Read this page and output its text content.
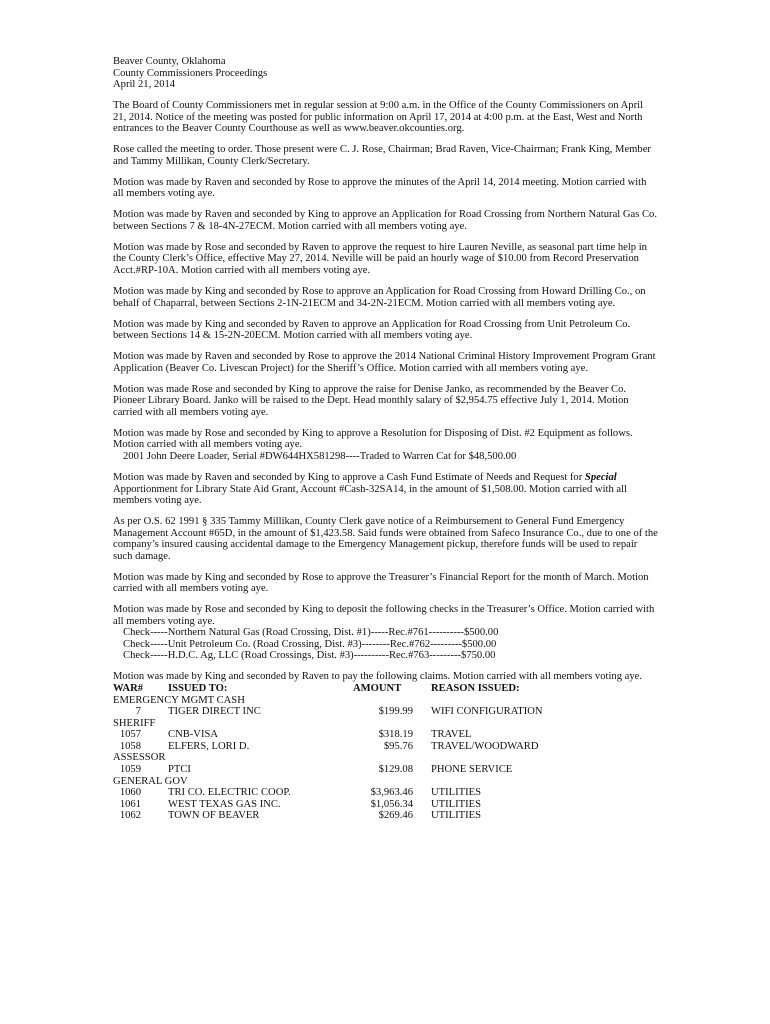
Beaver County, Oklahoma
County Commissioners Proceedings
April 21, 2014

The Board of County Commissioners met in regular session at 9:00 a.m. in the Office of the County Commissioners on April 21, 2014. Notice of the meeting was posted for public information on April 17, 2014 at 4:00 p.m. at the East, West and North entrances to the Beaver County Courthouse as well as www.beaver.okcounties.org.

Rose called the meeting to order. Those present were C. J. Rose, Chairman; Brad Raven, Vice-Chairman; Frank King, Member and Tammy Millikan, County Clerk/Secretary.

Motion was made by Raven and seconded by Rose to approve the minutes of the April 14, 2014 meeting. Motion carried with all members voting aye.

Motion was made by Raven and seconded by King to approve an Application for Road Crossing from Northern Natural Gas Co. between Sections 7 & 18-4N-27ECM. Motion carried with all members voting aye.

Motion was made by Rose and seconded by Raven to approve the request to hire Lauren Neville, as seasonal part time help in the County Clerk’s Office, effective May 27, 2014. Neville will be paid an hourly wage of $10.00 from Record Preservation Acct.#RP-10A. Motion carried with all members voting aye.

Motion was made by King and seconded by Rose to approve an Application for Road Crossing from Howard Drilling Co., on behalf of Chaparral, between Sections 2-1N-21ECM and 34-2N-21ECM. Motion carried with all members voting aye.

Motion was made by King and seconded by Raven to approve an Application for Road Crossing from Unit Petroleum Co. between Sections 14 & 15-2N-20ECM. Motion carried with all members voting aye.

Motion was made by Raven and seconded by Rose to approve the 2014 National Criminal History Improvement Program Grant Application (Beaver Co. Livescan Project) for the Sheriff’s Office. Motion carried with all members voting aye.

Motion was made Rose and seconded by King to approve the raise for Denise Janko, as recommended by the Beaver Co. Pioneer Library Board. Janko will be raised to the Dept. Head monthly salary of $2,954.75 effective July 1, 2014. Motion carried with all members voting aye.

Motion was made by Rose and seconded by King to approve a Resolution for Disposing of Dist. #2 Equipment as follows. Motion carried with all members voting aye.
2001 John Deere Loader, Serial #DW644HX581298----Traded to Warren Cat for $48,500.00

Motion was made by Raven and seconded by King to approve a Cash Fund Estimate of Needs and Request for Special Apportionment for Library State Aid Grant, Account #Cash-32SA14, in the amount of $1,508.00. Motion carried with all members voting aye.

As per O.S. 62 1991 § 335 Tammy Millikan, County Clerk gave notice of a Reimbursement to General Fund Emergency Management Account #65D, in the amount of $1,423.58. Said funds were obtained from Safeco Insurance Co., due to one of the company’s insured causing accidental damage to the Emergency Management pickup, therefore funds will be used to repair such damage.

Motion was made by King and seconded by Rose to approve the Treasurer’s Financial Report for the month of March. Motion carried with all members voting aye.

Motion was made by Rose and seconded by King to deposit the following checks in the Treasurer’s Office. Motion carried with all members voting aye.
Check-----Northern Natural Gas (Road Crossing, Dist. #1)-----Rec.#761----------$500.00
Check-----Unit Petroleum Co. (Road Crossing, Dist. #3)--------Rec.#762---------$500.00
Check-----H.D.C. Ag, LLC (Road Crossings, Dist. #3)----------Rec.#763---------$750.00

Motion was made by King and seconded by Raven to pay the following claims. Motion carried with all members voting aye.
WAR#	ISSUED TO:	AMOUNT	REASON ISSUED:
EMERGENCY MGMT CASH			
7	TIGER DIRECT INC	$199.99	WIFI CONFIGURATION
SHERIFF			
1057	CNB-VISA	$318.19	TRAVEL
1058	ELFERS, LORI D.	$95.76	TRAVEL/WOODWARD
ASSESSOR			
1059	PTCI	$129.08	PHONE SERVICE
GENERAL GOV			
1060	TRI CO. ELECTRIC COOP.	$3,963.46	UTILITIES
1061	WEST TEXAS GAS INC.	$1,056.34	UTILITIES
1062	TOWN OF BEAVER	$269.46	UTILITIES
